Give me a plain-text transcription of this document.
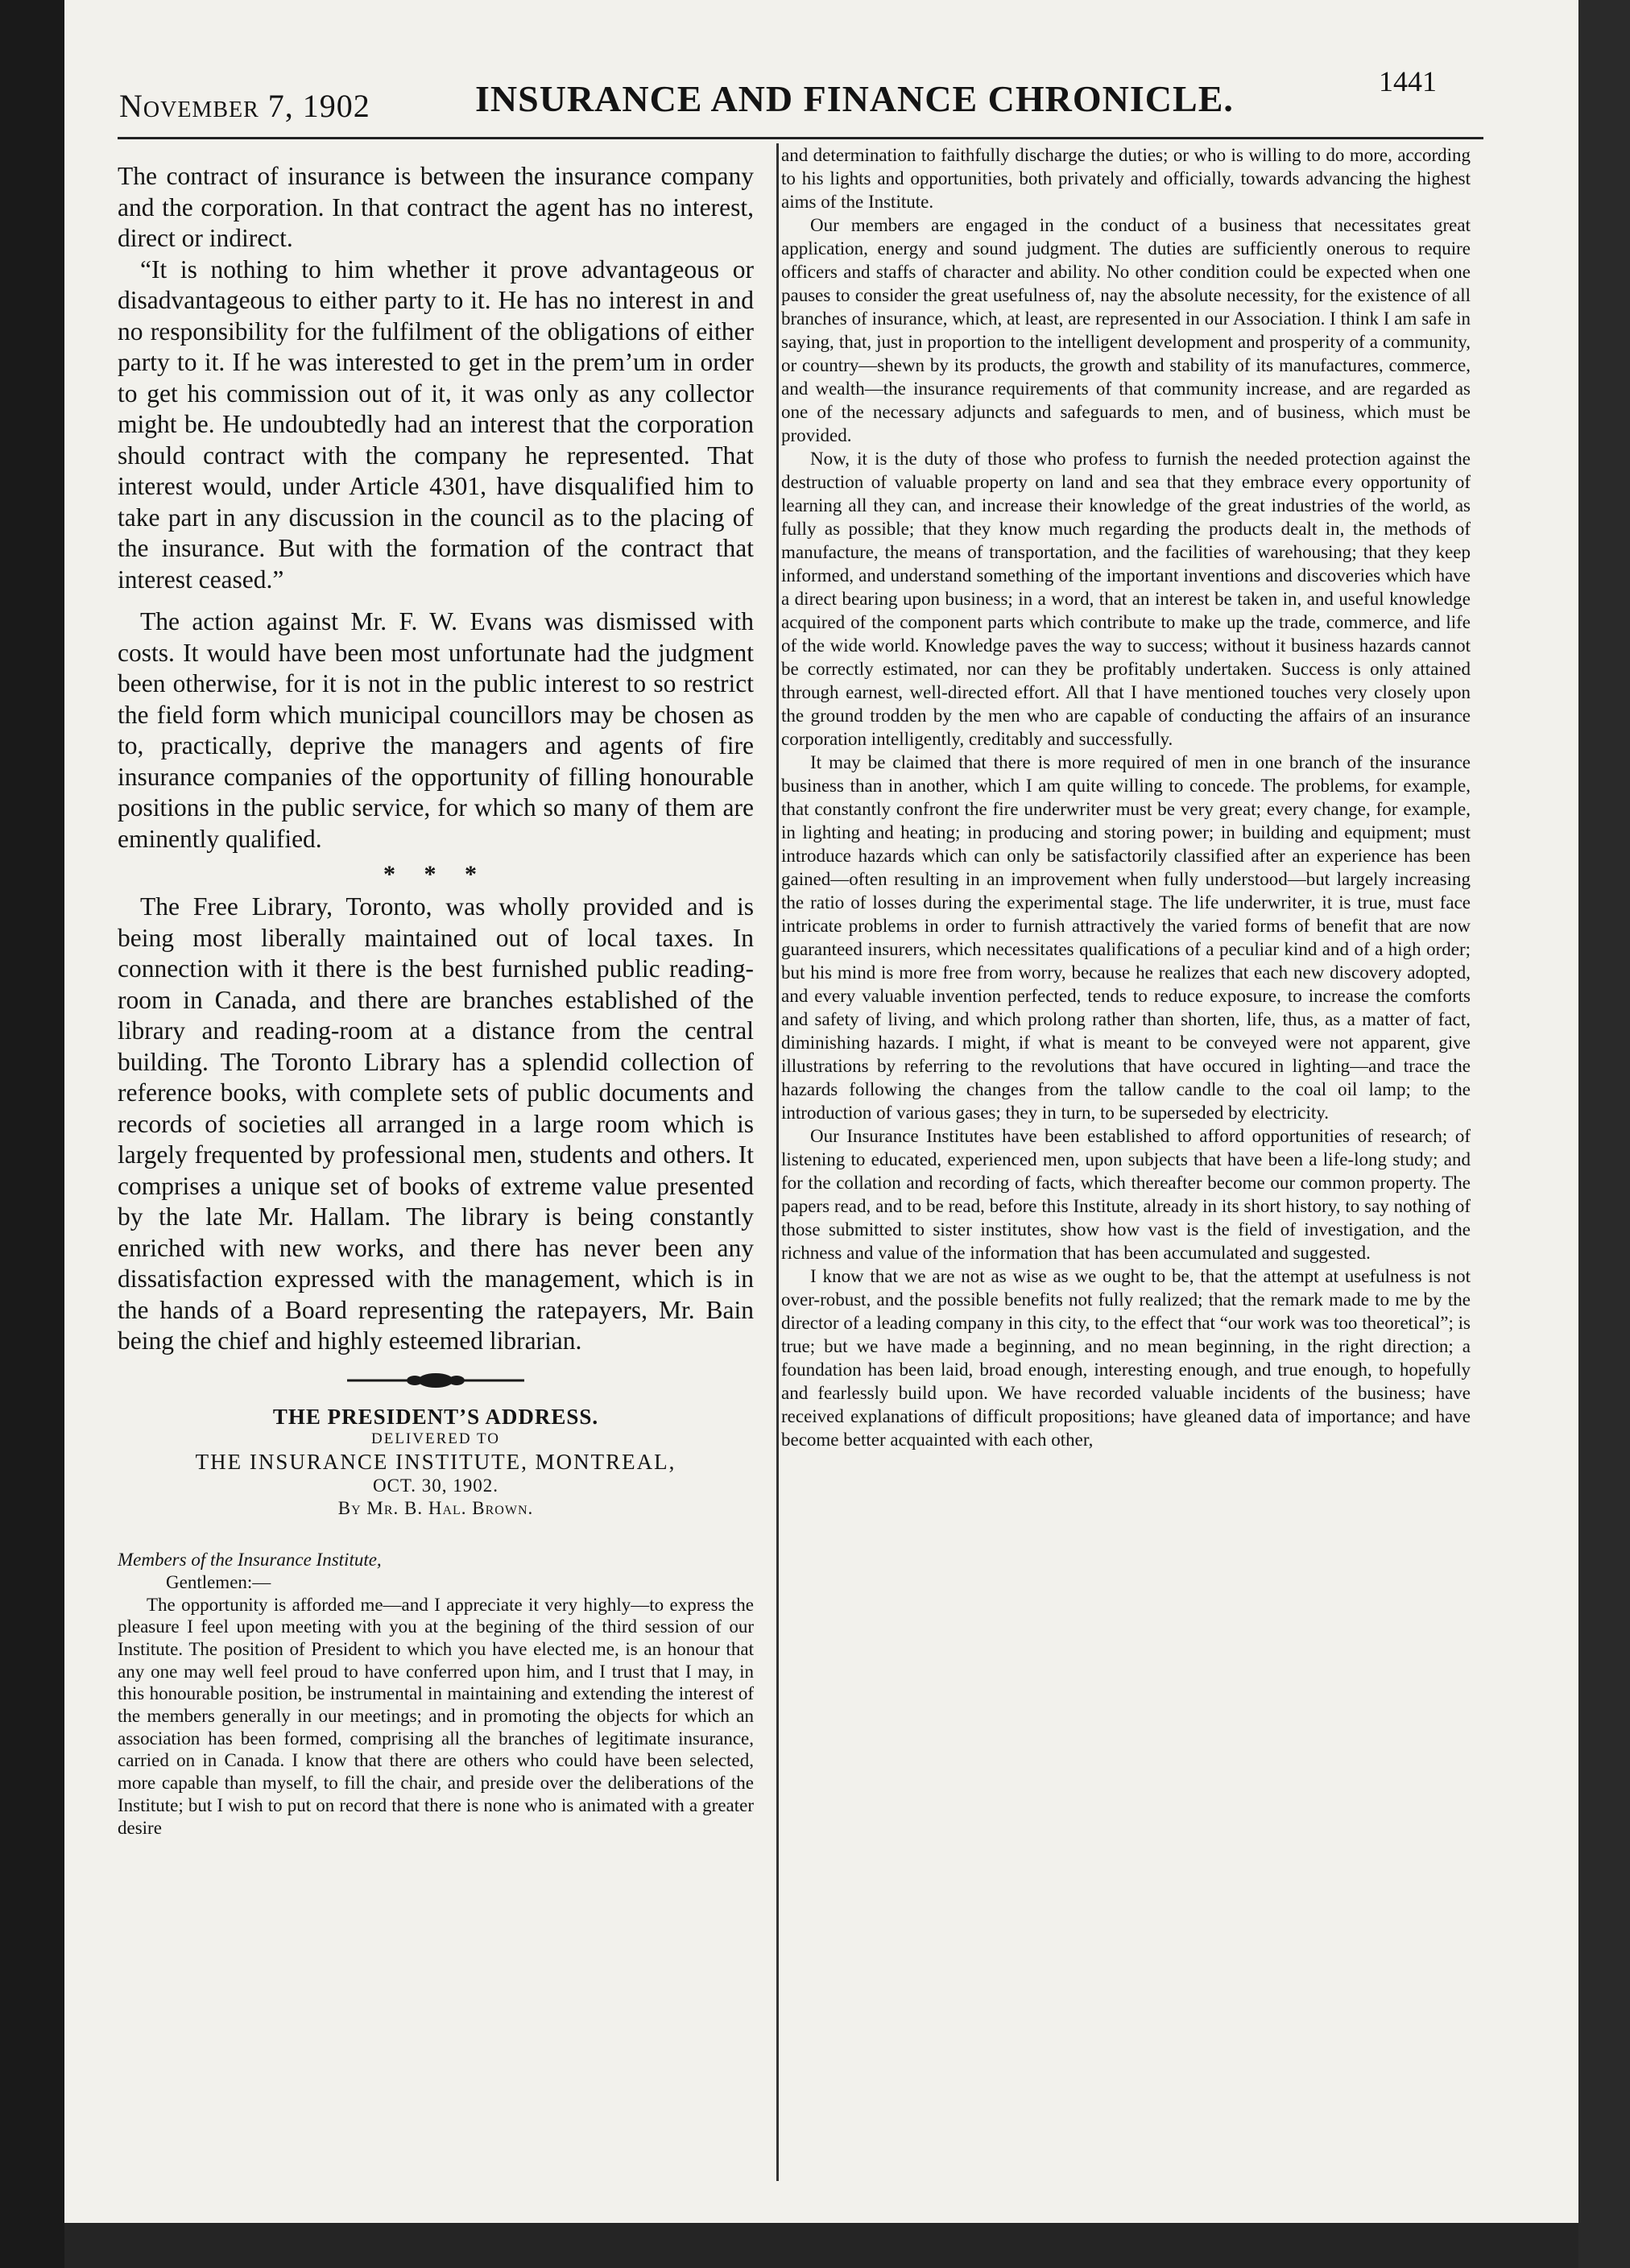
November 7, 1902	INSURANCE AND FINANCE CHRONICLE.	1441

The contract of insurance is between the insurance company and the corporation. In that contract the agent has no interest, direct or indirect.

“It is nothing to him whether it prove advantageous or disadvantageous to either party to it. He has no interest in and no responsibility for the fulfilment of the obligations of either party to it. If he was interested to get in the prem’um in order to get his commission out of it, it was only as any collector might be. He undoubtedly had an interest that the corporation should contract with the company he represented. That interest would, under Article 4301, have disqualified him to take part in any discussion in the council as to the placing of the insurance. But with the formation of the contract that interest ceased.”

The action against Mr. F. W. Evans was dismissed with costs. It would have been most unfortunate had the judgment been otherwise, for it is not in the public interest to so restrict the field form which municipal councillors may be chosen as to, practically, deprive the managers and agents of fire insurance companies of the opportunity of filling honourable positions in the public service, for which so many of them are eminently qualified.

* * *

The Free Library, Toronto, was wholly provided and is being most liberally maintained out of local taxes. In connection with it there is the best furnished public reading-room in Canada, and there are branches established of the library and reading-room at a distance from the central building. The Toronto Library has a splendid collection of reference books, with complete sets of public documents and records of societies all arranged in a large room which is largely frequented by professional men, students and others. It comprises a unique set of books of extreme value presented by the late Mr. Hallam. The library is being constantly enriched with new works, and there has never been any dissatisfaction expressed with the management, which is in the hands of a Board representing the ratepayers, Mr. Bain being the chief and highly esteemed librarian.

THE PRESIDENT’S ADDRESS.

DELIVERED TO

THE INSURANCE INSTITUTE, MONTREAL,

OCT. 30, 1902.

By Mr. B. Hal. Brown.

Members of the Insurance Institute,

Gentlemen:—

The opportunity is afforded me—and I appreciate it very highly—to express the pleasure I feel upon meeting with you at the begining of the third session of our Institute. The position of President to which you have elected me, is an honour that any one may well feel proud to have conferred upon him, and I trust that I may, in this honourable position, be instrumental in maintaining and extending the interest of the members generally in our meetings; and in promoting the objects for which an association has been formed, comprising all the branches of legitimate insurance, carried on in Canada. I know that there are others who could have been selected, more capable than myself, to fill the chair, and preside over the deliberations of the Institute; but I wish to put on record that there is none who is animated with a greater desire

and determination to faithfully discharge the duties; or who is willing to do more, according to his lights and opportunities, both privately and officially, towards advancing the highest aims of the Institute.

Our members are engaged in the conduct of a business that necessitates great application, energy and sound judgment. The duties are sufficiently onerous to require officers and staffs of character and ability. No other condition could be expected when one pauses to consider the great usefulness of, nay the absolute necessity, for the existence of all branches of insurance, which, at least, are represented in our Association. I think I am safe in saying, that, just in proportion to the intelligent development and prosperity of a community, or country—shewn by its products, the growth and stability of its manufactures, commerce, and wealth—the insurance requirements of that community increase, and are regarded as one of the necessary adjuncts and safeguards to men, and of business, which must be provided.

Now, it is the duty of those who profess to furnish the needed protection against the destruction of valuable property on land and sea that they embrace every opportunity of learning all they can, and increase their knowledge of the great industries of the world, as fully as possible; that they know much regarding the products dealt in, the methods of manufacture, the means of transportation, and the facilities of warehousing; that they keep informed, and understand something of the important inventions and discoveries which have a direct bearing upon business; in a word, that an interest be taken in, and useful knowledge acquired of the component parts which contribute to make up the trade, commerce, and life of the wide world. Knowledge paves the way to success; without it business hazards cannot be correctly estimated, nor can they be profitably undertaken. Success is only attained through earnest, well-directed effort. All that I have mentioned touches very closely upon the ground trodden by the men who are capable of conducting the affairs of an insurance corporation intelligently, creditably and successfully.

It may be claimed that there is more required of men in one branch of the insurance business than in another, which I am quite willing to concede. The problems, for example, that constantly confront the fire underwriter must be very great; every change, for example, in lighting and heating; in producing and storing power; in building and equipment; must introduce hazards which can only be satisfactorily classified after an experience has been gained—often resulting in an improvement when fully understood—but largely increasing the ratio of losses during the experimental stage. The life underwriter, it is true, must face intricate problems in order to furnish attractively the varied forms of benefit that are now guaranteed insurers, which necessitates qualifications of a peculiar kind and of a high order; but his mind is more free from worry, because he realizes that each new discovery adopted, and every valuable invention perfected, tends to reduce exposure, to increase the comforts and safety of living, and which prolong rather than shorten, life, thus, as a matter of fact, diminishing hazards. I might, if what is meant to be conveyed were not apparent, give illustrations by referring to the revolutions that have occured in lighting—and trace the hazards following the changes from the tallow candle to the coal oil lamp; to the introduction of various gases; they in turn, to be superseded by electricity.

Our Insurance Institutes have been established to afford opportunities of research; of listening to educated, experienced men, upon subjects that have been a life-long study; and for the collation and recording of facts, which thereafter become our common property. The papers read, and to be read, before this Institute, already in its short history, to say nothing of those submitted to sister institutes, show how vast is the field of investigation, and the richness and value of the information that has been accumulated and suggested.

I know that we are not as wise as we ought to be, that the attempt at usefulness is not over-robust, and the possible benefits not fully realized; that the remark made to me by the director of a leading company in this city, to the effect that “our work was too theoretical”; is true; but we have made a beginning, and no mean beginning, in the right direction; a foundation has been laid, broad enough, interesting enough, and true enough, to hopefully and fearlessly build upon. We have recorded valuable incidents of the business; have received explanations of difficult propositions; have gleaned data of importance; and have become better acquainted with each other,
